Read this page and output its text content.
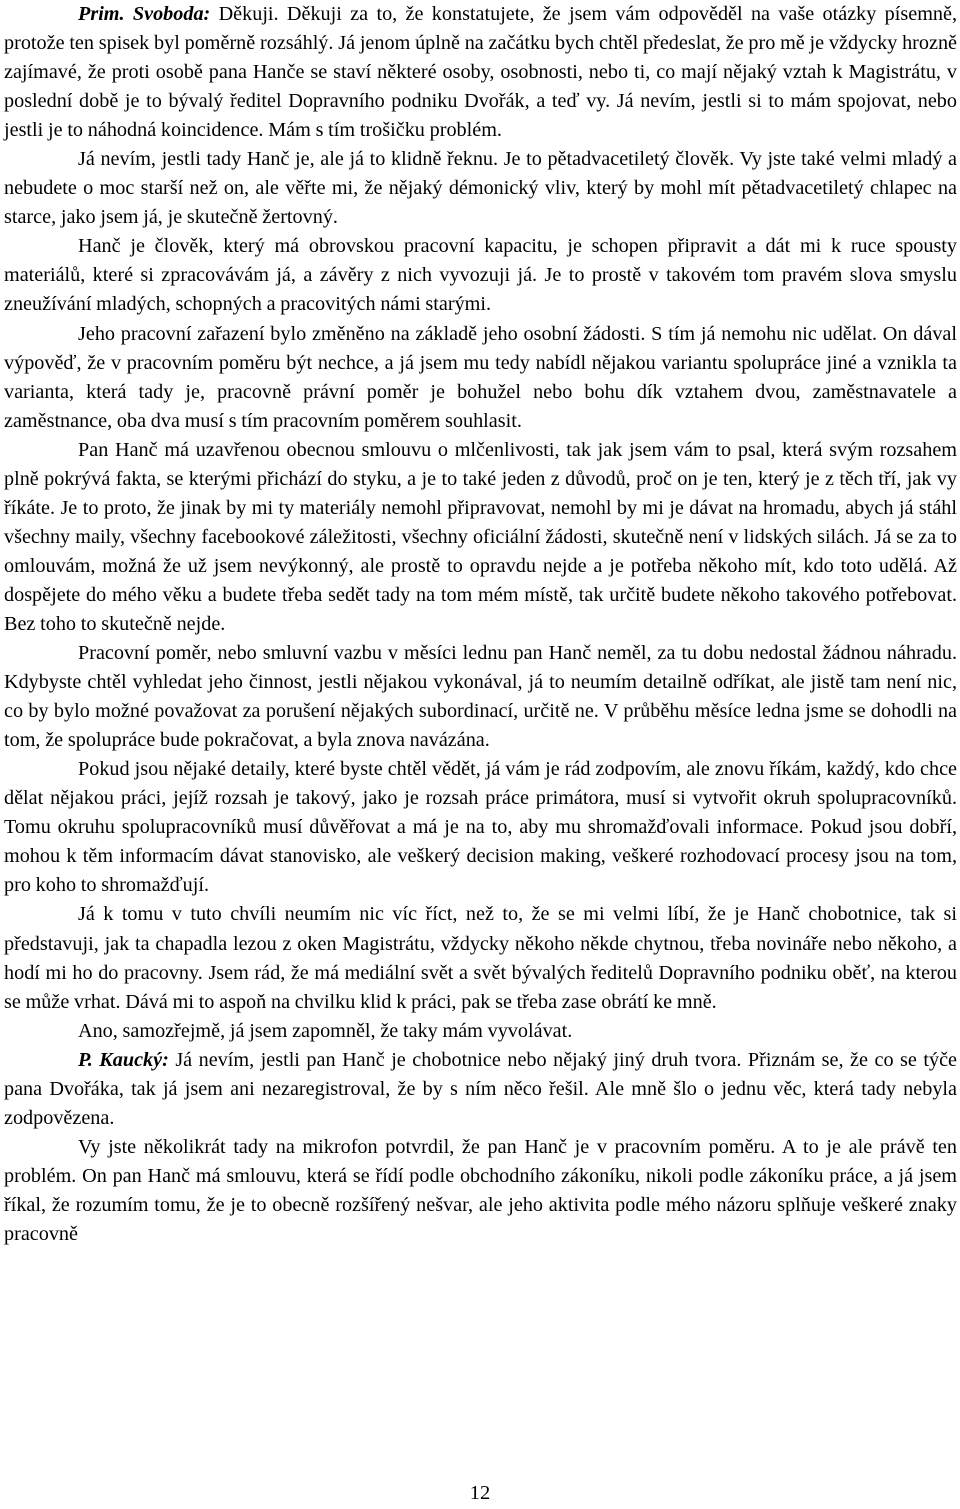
Prim. Svoboda: Děkuji. Děkuji za to, že konstatujete, že jsem vám odpověděl na vaše otázky písemně, protože ten spisek byl poměrně rozsáhlý. Já jenom úplně na začátku bych chtěl předeslat, že pro mě je vždycky hrozně zajímavé, že proti osobě pana Hanče se staví některé osoby, osobnosti, nebo ti, co mají nějaký vztah k Magistrátu, v poslední době je to bývalý ředitel Dopravního podniku Dvořák, a teď vy. Já nevím, jestli si to mám spojovat, nebo jestli je to náhodná koincidence. Mám s tím trošičku problém.

Já nevím, jestli tady Hanč je, ale já to klidně řeknu. Je to pětadvacetiletý člověk. Vy jste také velmi mladý a nebudete o moc starší než on, ale věřte mi, že nějaký démonický vliv, který by mohl mít pětadvacetiletý chlapec na starce, jako jsem já, je skutečně žertovný.

Hanč je člověk, který má obrovskou pracovní kapacitu, je schopen připravit a dát mi k ruce spousty materiálů, které si zpracovávám já, a závěry z nich vyvozuji já. Je to prostě v takovém tom pravém slova smyslu zneužívání mladých, schopných a pracovitých námi starými.

Jeho pracovní zařazení bylo změněno na základě jeho osobní žádosti. S tím já nemohu nic udělat. On dával výpověď, že v pracovním poměru být nechce, a já jsem mu tedy nabídl nějakou variantu spolupráce jiné a vznikla ta varianta, která tady je, pracovně právní poměr je bohužel nebo bohu dík vztahem dvou, zaměstnavatele a zaměstnance, oba dva musí s tím pracovním poměrem souhlasit.

Pan Hanč má uzavřenou obecnou smlouvu o mlčenlivosti, tak jak jsem vám to psal, která svým rozsahem plně pokrývá fakta, se kterými přichází do styku, a je to také jeden z důvodů, proč on je ten, který je z těch tří, jak vy říkáte. Je to proto, že jinak by mi ty materiály nemohl připravovat, nemohl by mi je dávat na hromadu, abych já stáhl všechny maily, všechny facebookové záležitosti, všechny oficiální žádosti, skutečně není v lidských silách. Já se za to omlouvám, možná že už jsem nevýkonný, ale prostě to opravdu nejde a je potřeba někoho mít, kdo toto udělá. Až dospějete do mého věku a budete třeba sedět tady na tom mém místě, tak určitě budete někoho takového potřebovat. Bez toho to skutečně nejde.

Pracovní poměr, nebo smluvní vazbu v měsíci lednu pan Hanč neměl, za tu dobu nedostal žádnou náhradu. Kdybyste chtěl vyhledat jeho činnost, jestli nějakou vykonával, já to neumím detailně odříkat, ale jistě tam není nic, co by bylo možné považovat za porušení nějakých subordinací, určitě ne. V průběhu měsíce ledna jsme se dohodli na tom, že spolupráce bude pokračovat, a byla znova navázána.

Pokud jsou nějaké detaily, které byste chtěl vědět, já vám je rád zodpovím, ale znovu říkám, každý, kdo chce dělat nějakou práci, jejíž rozsah je takový, jako je rozsah práce primátora, musí si vytvořit okruh spolupracovníků. Tomu okruhu spolupracovníků musí důvěřovat a má je na to, aby mu shromažďovali informace. Pokud jsou dobří, mohou k těm informacím dávat stanovisko, ale veškerý decision making, veškeré rozhodovací procesy jsou na tom, pro koho to shromažďují.

Já k tomu v tuto chvíli neumím nic víc říct, než to, že se mi velmi líbí, že je Hanč chobotnice, tak si představuji, jak ta chapadla lezou z oken Magistrátu, vždycky někoho někde chytnou, třeba novináře nebo někoho, a hodí mi ho do pracovny. Jsem rád, že má mediální svět a svět bývalých ředitelů Dopravního podniku oběť, na kterou se může vrhat. Dává mi to aspoň na chvilku klid k práci, pak se třeba zase obrátí ke mně.

Ano, samozřejmě, já jsem zapomněl, že taky mám vyvolávat.

P. Kaucký: Já nevím, jestli pan Hanč je chobotnice nebo nějaký jiný druh tvora. Přiznám se, že co se týče pana Dvořáka, tak já jsem ani nezaregistroval, že by s ním něco řešil. Ale mně šlo o jednu věc, která tady nebyla zodpovězena.

Vy jste několikrát tady na mikrofon potvrdil, že pan Hanč je v pracovním poměru. A to je ale právě ten problém. On pan Hanč má smlouvu, která se řídí podle obchodního zákoníku, nikoli podle zákoníku práce, a já jsem říkal, že rozumím tomu, že je to obecně rozšířený nešvar, ale jeho aktivita podle mého názoru splňuje veškeré znaky pracovně

12
